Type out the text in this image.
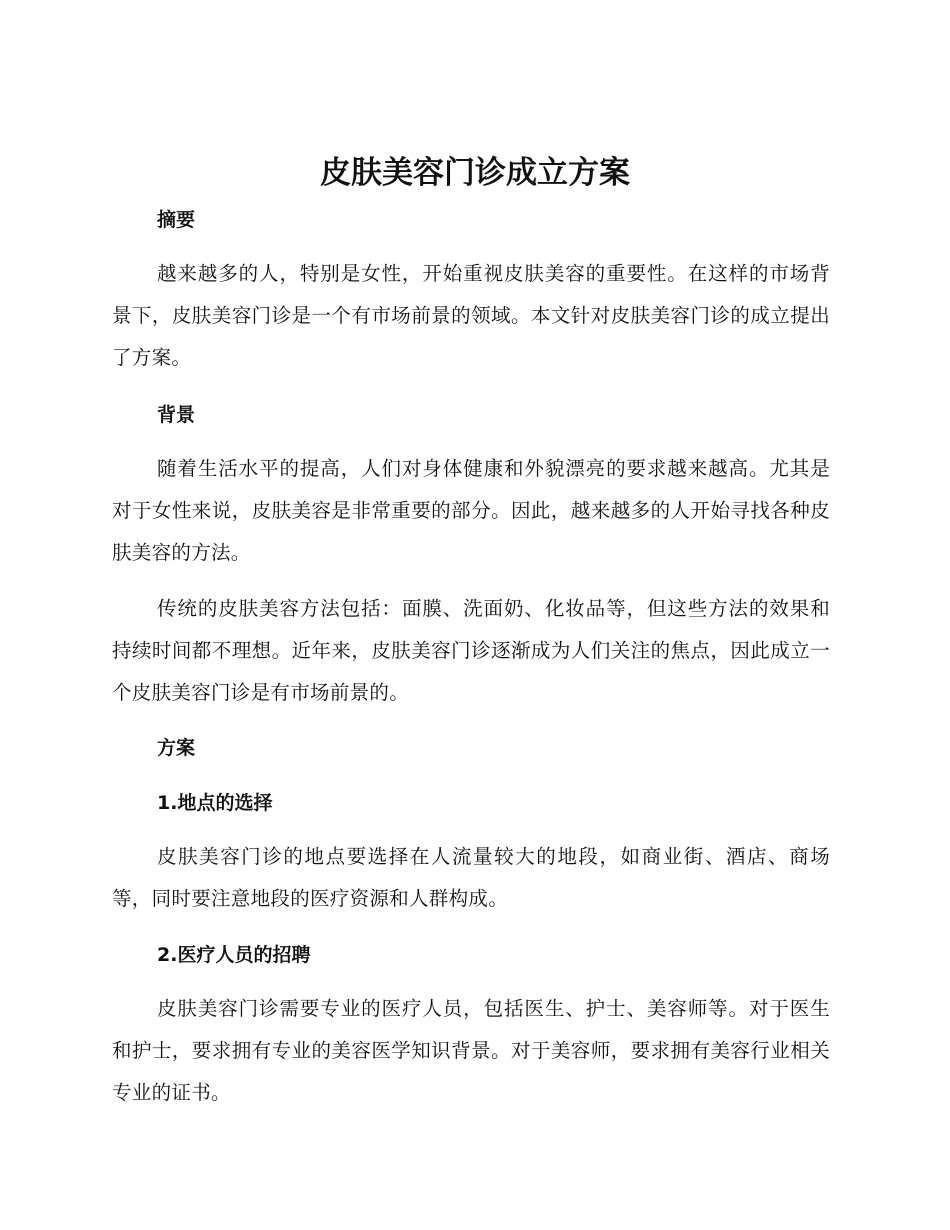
皮肤美容门诊成立方案
摘要

越来越多的人，特别是女性，开始重视皮肤美容的重要性。在这样的市场背景下，皮肤美容门诊是一个有市场前景的领域。本文针对皮肤美容门诊的成立提出了方案。

背景

随着生活水平的提高，人们对身体健康和外貌漂亮的要求越来越高。尤其是对于女性来说，皮肤美容是非常重要的部分。因此，越来越多的人开始寻找各种皮肤美容的方法。

传统的皮肤美容方法包括：面膜、洗面奶、化妆品等，但这些方法的效果和持续时间都不理想。近年来，皮肤美容门诊逐渐成为人们关注的焦点，因此成立一个皮肤美容门诊是有市场前景的。

方案
1.地点的选择

皮肤美容门诊的地点要选择在人流量较大的地段，如商业街、酒店、商场等，同时要注意地段的医疗资源和人群构成。

2.医疗人员的招聘

皮肤美容门诊需要专业的医疗人员，包括医生、护士、美容师等。对于医生和护士，要求拥有专业的美容医学知识背景。对于美容师，要求拥有美容行业相关专业的证书。
